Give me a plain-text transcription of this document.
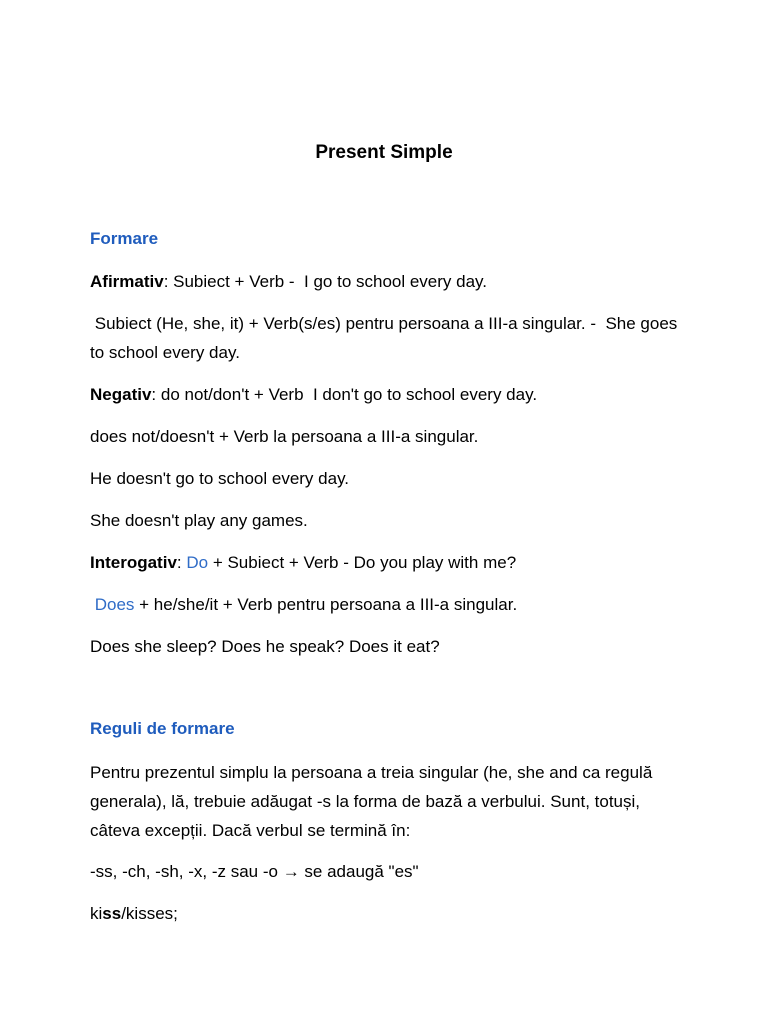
Present Simple
Formare
Afirmativ: Subiect + Verb -  I go to school every day.
Subiect (He, she, it) + Verb(s/es) pentru persoana a III-a singular. -  She goes to school every day.
Negativ: do not/don't + Verb  I don't go to school every day.
does not/doesn't + Verb la persoana a III-a singular.
He doesn't go to school every day.
She doesn't play any games.
Interogativ: Do + Subiect + Verb - Do you play with me?
Does + he/she/it + Verb pentru persoana a III-a singular.
Does she sleep? Does he speak? Does it eat?
Reguli de formare
Pentru prezentul simplu la persoana a treia singular (he, she and ca regulă generala), lă, trebuie adăugat -s la forma de bază a verbului. Sunt, totuși, câteva excepții. Dacă verbul se termină în:
-ss, -ch, -sh, -x, -z sau -o → se adaugă "es"
kiss/kisses;
